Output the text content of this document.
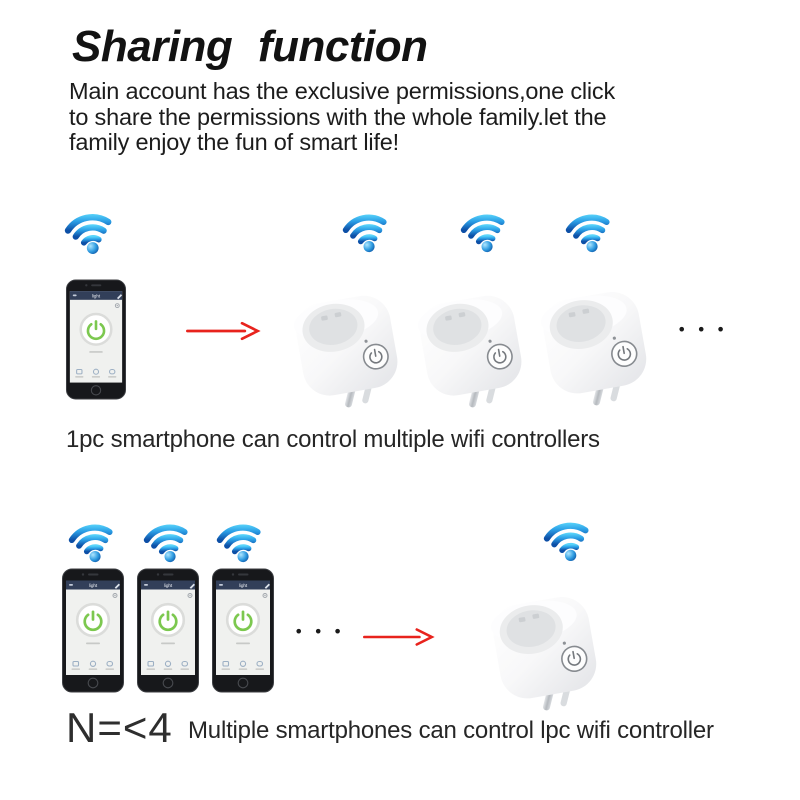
Sharing function
Main account has the exclusive permissions,one click
to share the permissions with the whole family.let the
family enjoy the fun of smart life!
•••
1pc smartphone can control multiple wifi controllers
•••
N=<4 Multiple smartphones can control lpc wifi controller
